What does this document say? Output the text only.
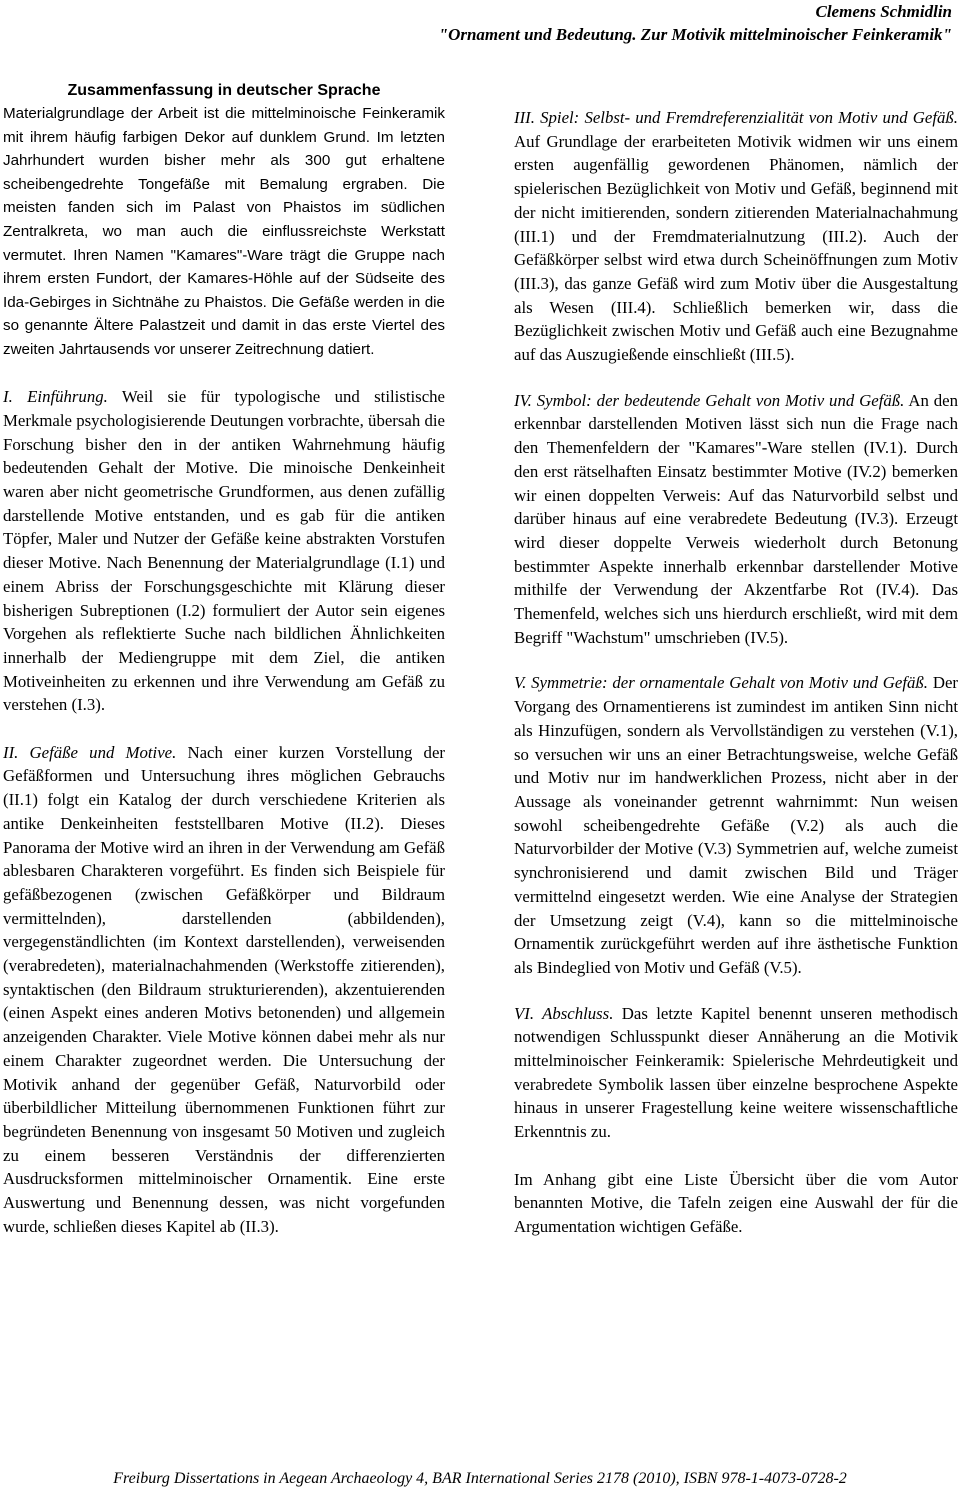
Clemens Schmidlin
"Ornament und Bedeutung. Zur Motivik mittelminoischer Feinkeramik"

Zusammenfassung in deutscher Sprache

Materialgrundlage der Arbeit ist die mittelminoische Feinkeramik mit ihrem häufig farbigen Dekor auf dunklem Grund. Im letzten Jahrhundert wurden bisher mehr als 300 gut erhaltene scheibengedrehte Tongefäße mit Bemalung ergraben. Die meisten fanden sich im Palast von Phaistos im südlichen Zentralkreta, wo man auch die einflussreichste Werkstatt vermutet. Ihren Namen "Kamares"-Ware trägt die Gruppe nach ihrem ersten Fundort, der Kamares-Höhle auf der Südseite des Ida-Gebirges in Sichtnähe zu Phaistos. Die Gefäße werden in die so genannte Ältere Palastzeit und damit in das erste Viertel des zweiten Jahrtausends vor unserer Zeitrechnung datiert.

I. Einführung. Weil sie für typologische und stilistische Merkmale psychologisierende Deutungen vorbrachte, übersah die Forschung bisher den in der antiken Wahrnehmung häufig bedeutenden Gehalt der Motive. Die minoische Denkeinheit waren aber nicht geometrische Grundformen, aus denen zufällig darstellende Motive entstanden, und es gab für die antiken Töpfer, Maler und Nutzer der Gefäße keine abstrakten Vorstufen dieser Motive. Nach Benennung der Materialgrundlage (I.1) und einem Abriss der Forschungsgeschichte mit Klärung dieser bisherigen Subreptionen (I.2) formuliert der Autor sein eigenes Vorgehen als reflektierte Suche nach bildlichen Ähnlichkeiten innerhalb der Mediengruppe mit dem Ziel, die antiken Motiveinheiten zu erkennen und ihre Verwendung am Gefäß zu verstehen (I.3).

II. Gefäße und Motive. Nach einer kurzen Vorstellung der Gefäßformen und Untersuchung ihres möglichen Gebrauchs (II.1) folgt ein Katalog der durch verschiedene Kriterien als antike Denkeinheiten feststellbaren Motive (II.2). Dieses Panorama der Motive wird an ihren in der Verwendung am Gefäß ablesbaren Charakteren vorgeführt. Es finden sich Beispiele für gefäßbezogenen (zwischen Gefäßkörper und Bildraum vermittelnden), darstellenden (abbildenden), vergegenständlichten (im Kontext darstellenden), verweisenden (verabredeten), materialnachahmenden (Werkstoffe zitierenden), syntaktischen (den Bildraum strukturierenden), akzentuierenden (einen Aspekt eines anderen Motivs betonenden) und allgemein anzeigenden Charakter. Viele Motive können dabei mehr als nur einem Charakter zugeordnet werden. Die Untersuchung der Motivik anhand der gegenüber Gefäß, Naturvorbild oder überbildlicher Mitteilung übernommenen Funktionen führt zur begründeten Benennung von insgesamt 50 Motiven und zugleich zu einem besseren Verständnis der differenzierten Ausdrucksformen mittelminoischer Ornamentik. Eine erste Auswertung und Benennung dessen, was nicht vorgefunden wurde, schließen dieses Kapitel ab (II.3).

III. Spiel: Selbst- und Fremdreferenzialität von Motiv und Gefäß. Auf Grundlage der erarbeiteten Motivik widmen wir uns einem ersten augenfällig gewordenen Phänomen, nämlich der spielerischen Bezüglichkeit von Motiv und Gefäß, beginnend mit der nicht imitierenden, sondern zitierenden Materialnachahmung (III.1) und der Fremdmaterialnutzung (III.2). Auch der Gefäßkörper selbst wird etwa durch Scheinöffnungen zum Motiv (III.3), das ganze Gefäß wird zum Motiv über die Ausgestaltung als Wesen (III.4). Schließlich bemerken wir, dass die Bezüglichkeit zwischen Motiv und Gefäß auch eine Bezugnahme auf das Auszugießende einschließt (III.5).

IV. Symbol: der bedeutende Gehalt von Motiv und Gefäß. An den erkennbar darstellenden Motiven lässt sich nun die Frage nach den Themenfeldern der "Kamares"-Ware stellen (IV.1). Durch den erst rätselhaften Einsatz bestimmter Motive (IV.2) bemerken wir einen doppelten Verweis: Auf das Naturvorbild selbst und darüber hinaus auf eine verabredete Bedeutung (IV.3). Erzeugt wird dieser doppelte Verweis wiederholt durch Betonung bestimmter Aspekte innerhalb erkennbar darstellender Motive mithilfe der Verwendung der Akzentfarbe Rot (IV.4). Das Themenfeld, welches sich uns hierdurch erschließt, wird mit dem Begriff "Wachstum" umschrieben (IV.5).

V. Symmetrie: der ornamentale Gehalt von Motiv und Gefäß. Der Vorgang des Ornamentierens ist zumindest im antiken Sinn nicht als Hinzufügen, sondern als Vervollständigen zu verstehen (V.1), so versuchen wir uns an einer Betrachtungsweise, welche Gefäß und Motiv nur im handwerklichen Prozess, nicht aber in der Aussage als voneinander getrennt wahrnimmt: Nun weisen sowohl scheibengedrehte Gefäße (V.2) als auch die Naturvorbilder der Motive (V.3) Symmetrien auf, welche zumeist synchronisierend und damit zwischen Bild und Träger vermittelnd eingesetzt werden. Wie eine Analyse der Strategien der Umsetzung zeigt (V.4), kann so die mittelminoische Ornamentik zurückgeführt werden auf ihre ästhetische Funktion als Bindeglied von Motiv und Gefäß (V.5).

VI. Abschluss. Das letzte Kapitel benennt unseren methodisch notwendigen Schlusspunkt dieser Annäherung an die Motivik mittelminoischer Feinkeramik: Spielerische Mehrdeutigkeit und verabredete Symbolik lassen über einzelne besprochene Aspekte hinaus in unserer Fragestellung keine weitere wissenschaftliche Erkenntnis zu.

Im Anhang gibt eine Liste Übersicht über die vom Autor benannten Motive, die Tafeln zeigen eine Auswahl der für die Argumentation wichtigen Gefäße.

Freiburg Dissertations in Aegean Archaeology 4, BAR International Series 2178 (2010), ISBN 978-1-4073-0728-2
